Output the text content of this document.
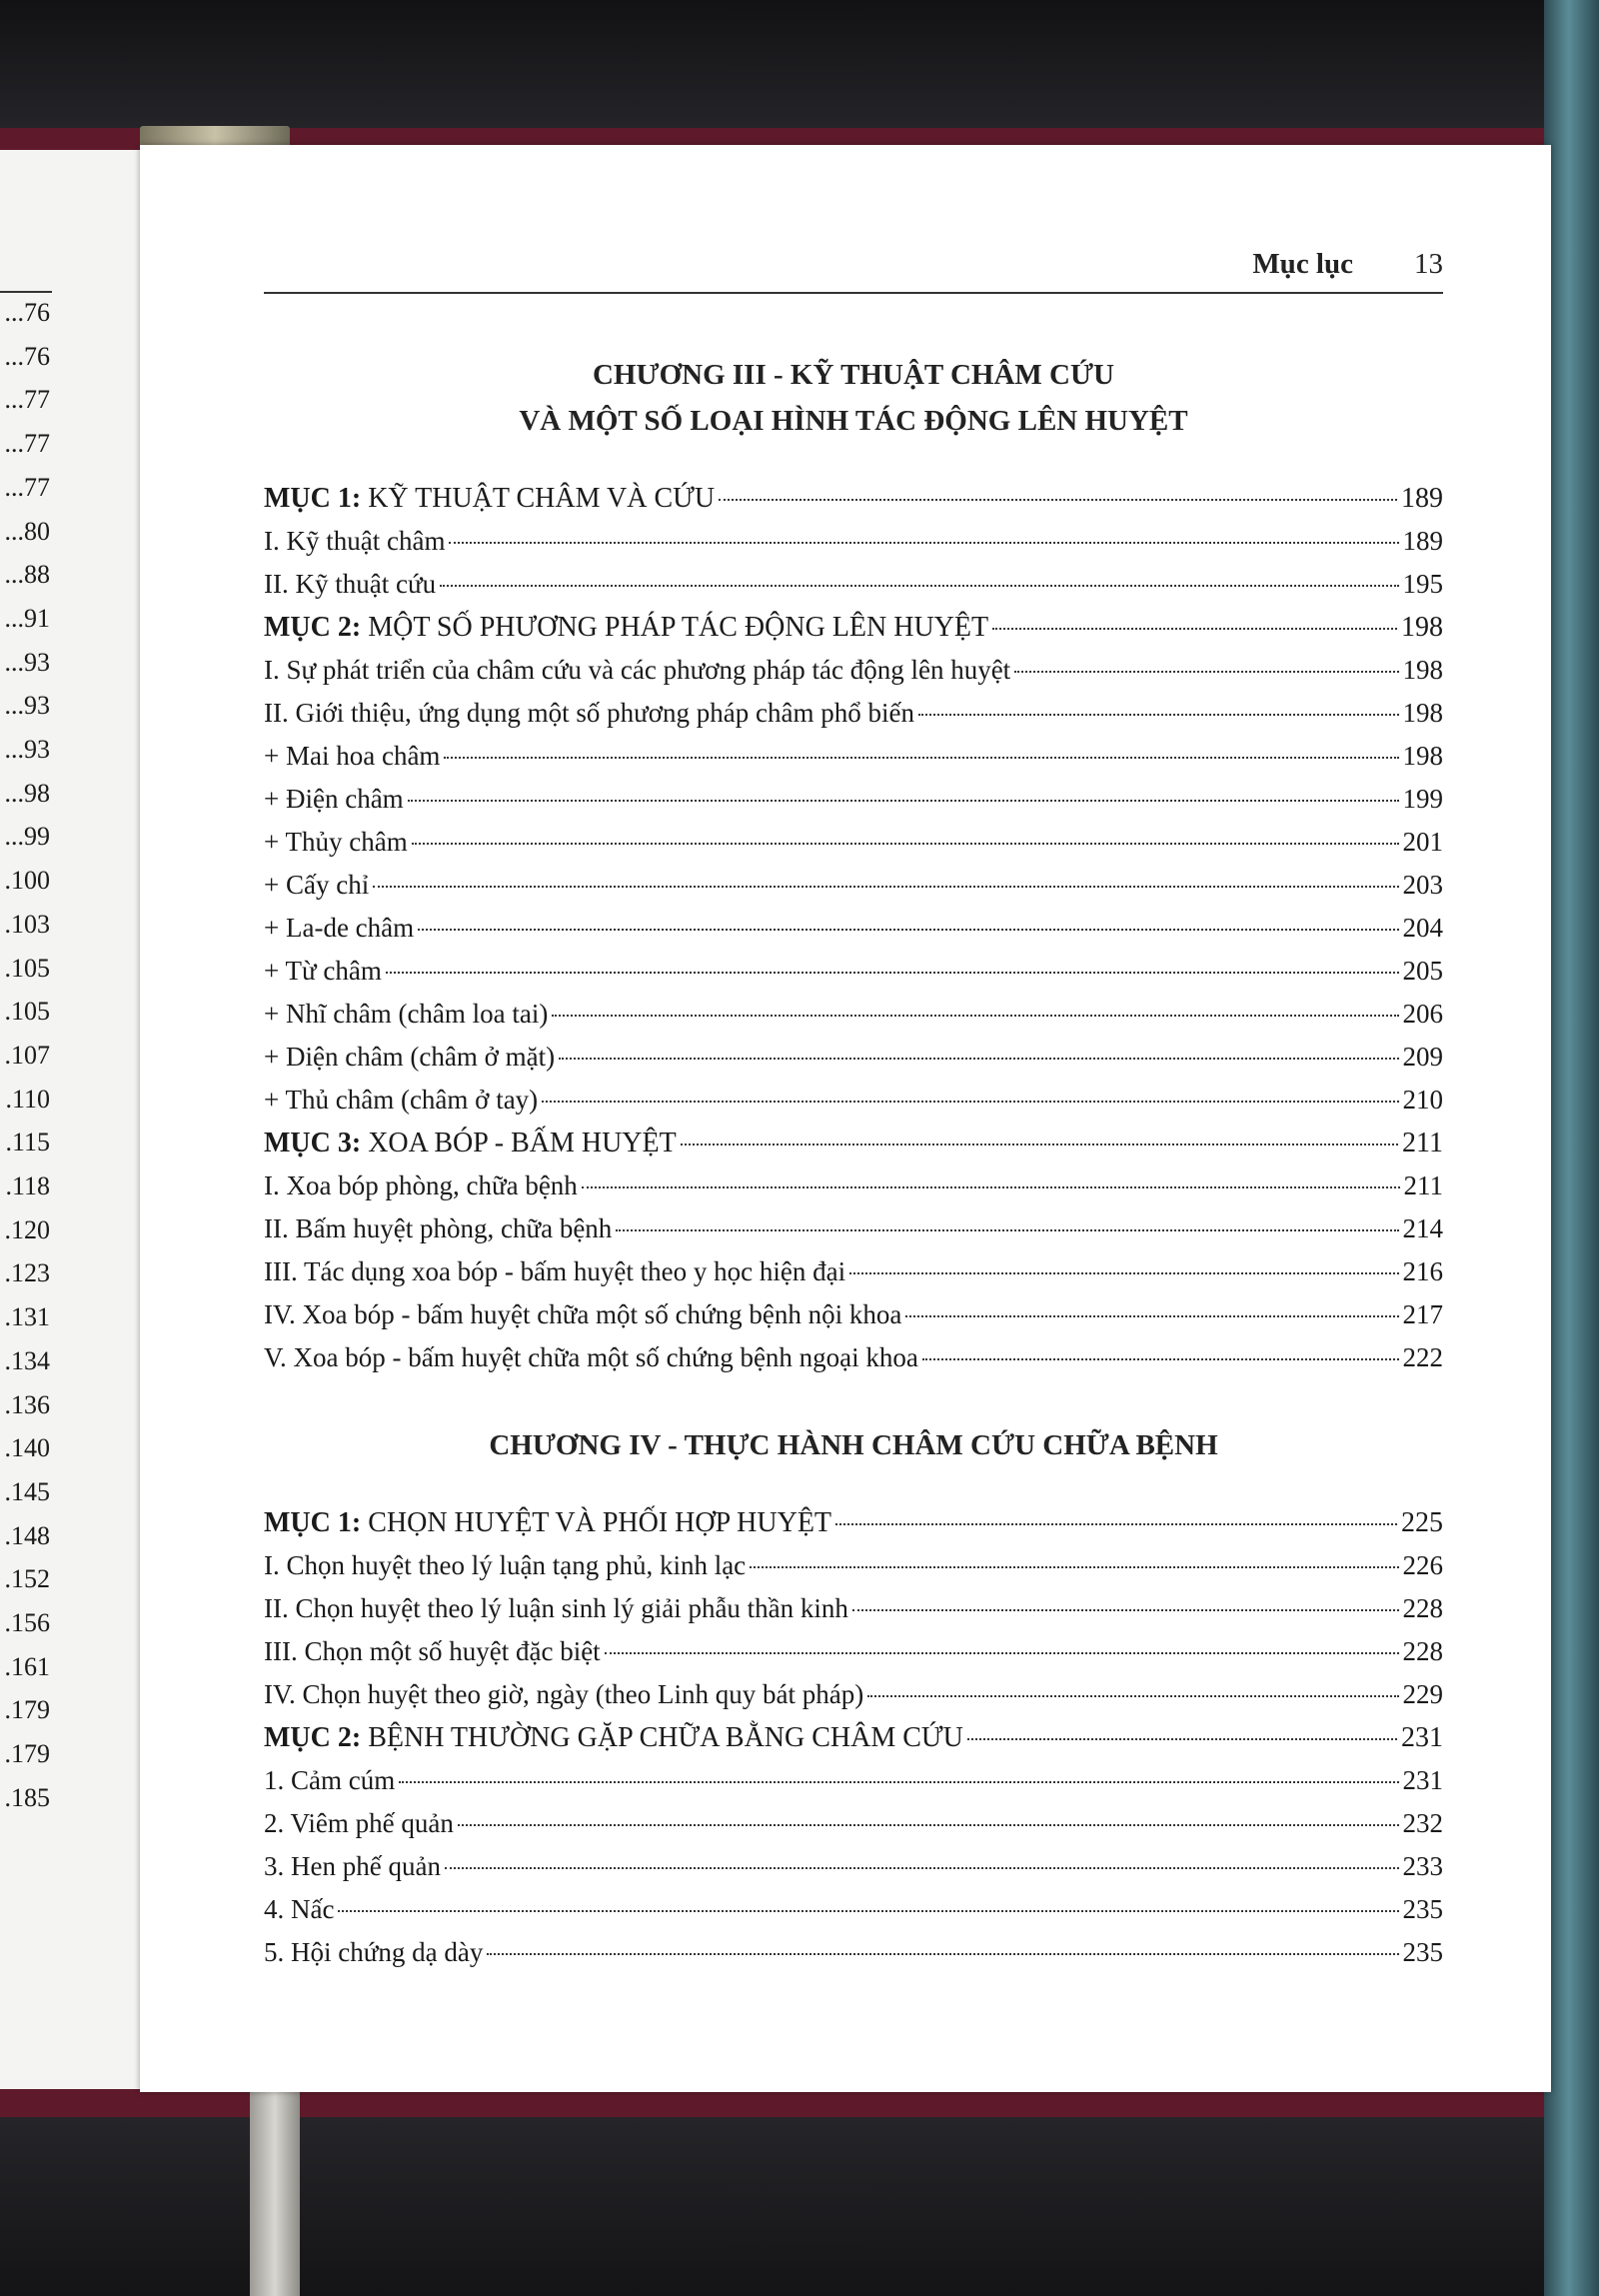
...76
...76
...77
...77
...77
...80
...88
...91
...93
...93
...93
...98
...99
.100
.103
.105
.105
.107
.110
.115
.118
.120
.123
.131
.134
.136
.140
.145
.148
.152
.156
.161
.179
.179
.185
Mục lục 13
CHƯƠNG III - KỸ THUẬT CHÂM CỨU
VÀ MỘT SỐ LOẠI HÌNH TÁC ĐỘNG LÊN HUYỆT
MỤC 1: KỸ THUẬT CHÂM VÀ CỨU	189
I. Kỹ thuật châm	189
II. Kỹ thuật cứu	195
MỤC 2: MỘT SỐ PHƯƠNG PHÁP TÁC ĐỘNG LÊN HUYỆT	198
I. Sự phát triển của châm cứu và các phương pháp tác động lên huyệt	198
II. Giới thiệu, ứng dụng một số phương pháp châm phổ biến	198
+ Mai hoa châm	198
+ Điện châm	199
+ Thủy châm	201
+ Cấy chỉ	203
+ La-de châm	204
+ Từ châm	205
+ Nhĩ châm (châm loa tai)	206
+ Diện châm (châm ở mặt)	209
+ Thủ châm (châm ở tay)	210
MỤC 3: XOA BÓP - BẤM HUYỆT	211
I. Xoa bóp phòng, chữa bệnh	211
II. Bấm huyệt phòng, chữa bệnh	214
III. Tác dụng xoa bóp - bấm huyệt theo y học hiện đại	216
IV. Xoa bóp - bấm huyệt chữa một số chứng bệnh nội khoa	217
V. Xoa bóp - bấm huyệt chữa một số chứng bệnh ngoại khoa	222
CHƯƠNG IV - THỰC HÀNH CHÂM CỨU CHỮA BỆNH
MỤC 1: CHỌN HUYỆT VÀ PHỐI HỢP HUYỆT	225
I. Chọn huyệt theo lý luận tạng phủ, kinh lạc	226
II. Chọn huyệt theo lý luận sinh lý giải phẫu thần kinh	228
III. Chọn một số huyệt đặc biệt	228
IV. Chọn huyệt theo giờ, ngày (theo Linh quy bát pháp)	229
MỤC 2: BỆNH THƯỜNG GẶP CHỮA BẰNG CHÂM CỨU	231
1. Cảm cúm	231
2. Viêm phế quản	232
3. Hen phế quản	233
4. Nấc	235
5. Hội chứng dạ dày	235
